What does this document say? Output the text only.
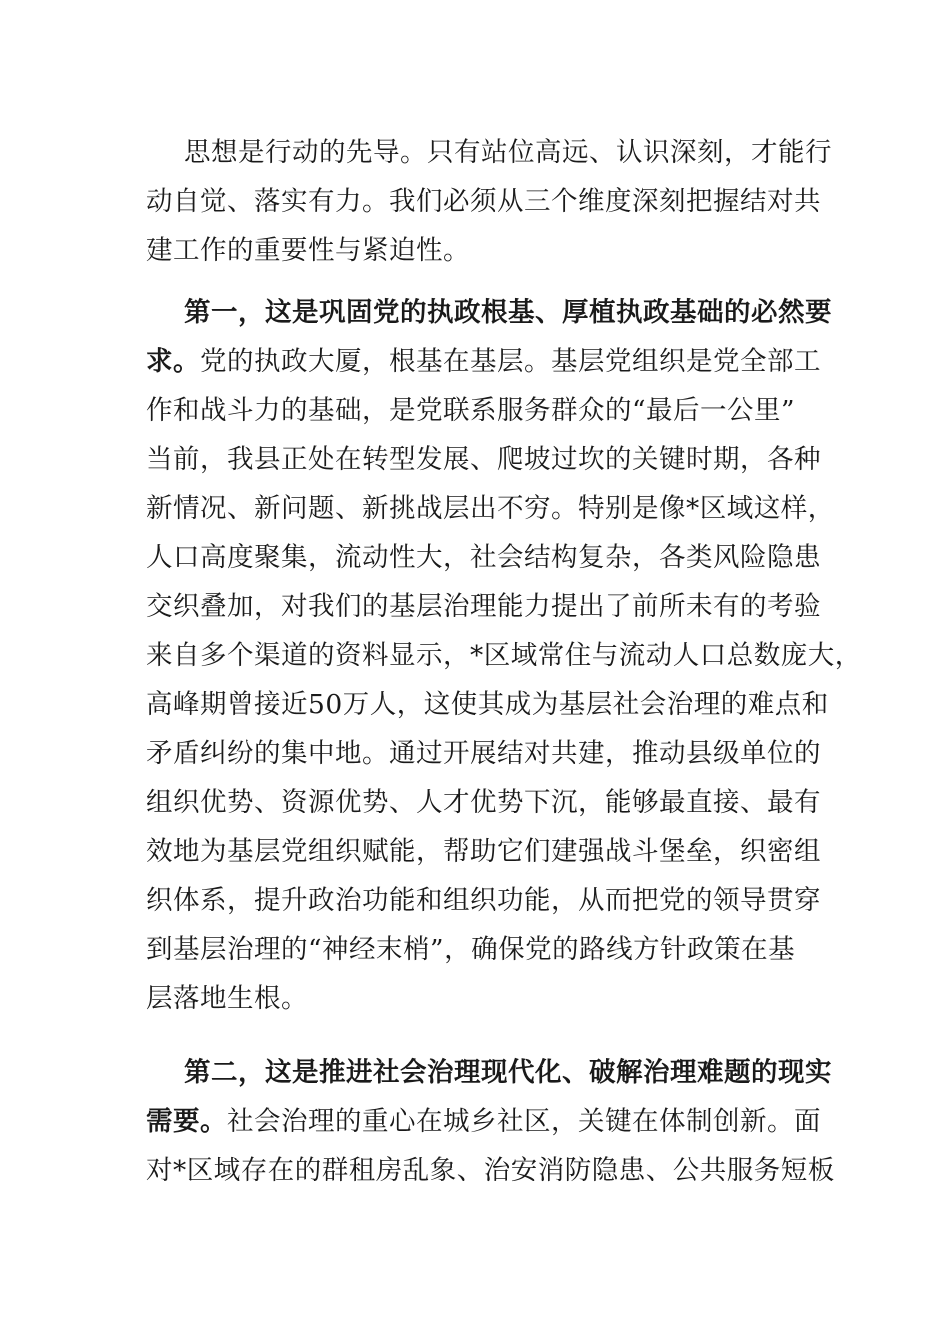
思想是行动的先导。只有站位高远、认识深刻，才能行
动自觉、落实有力。我们必须从三个维度深刻把握结对共
建工作的重要性与紧迫性。
第一，这是巩固党的执政根基、厚植执政基础的必然要
求。党的执政大厦，根基在基层。基层党组织是党全部工
作和战斗力的基础，是党联系服务群众的“最后一公里”
当前，我县正处在转型发展、爬坡过坎的关键时期，各种
新情况、新问题、新挑战层出不穷。特别是像*区域这样，
人口高度聚集，流动性大，社会结构复杂，各类风险隐患
交织叠加，对我们的基层治理能力提出了前所未有的考验
来自多个渠道的资料显示，*区域常住与流动人口总数庞大，
高峰期曾接近50万人，这使其成为基层社会治理的难点和
矛盾纠纷的集中地。通过开展结对共建，推动县级单位的
组织优势、资源优势、人才优势下沉，能够最直接、最有
效地为基层党组织赋能，帮助它们建强战斗堡垒，织密组
织体系，提升政治功能和组织功能，从而把党的领导贯穿
到基层治理的“神经末梢”，确保党的路线方针政策在基
层落地生根。
第二，这是推进社会治理现代化、破解治理难题的现实
需要。社会治理的重心在城乡社区，关键在体制创新。面
对*区域存在的群租房乱象、治安消防隐患、公共服务短板
